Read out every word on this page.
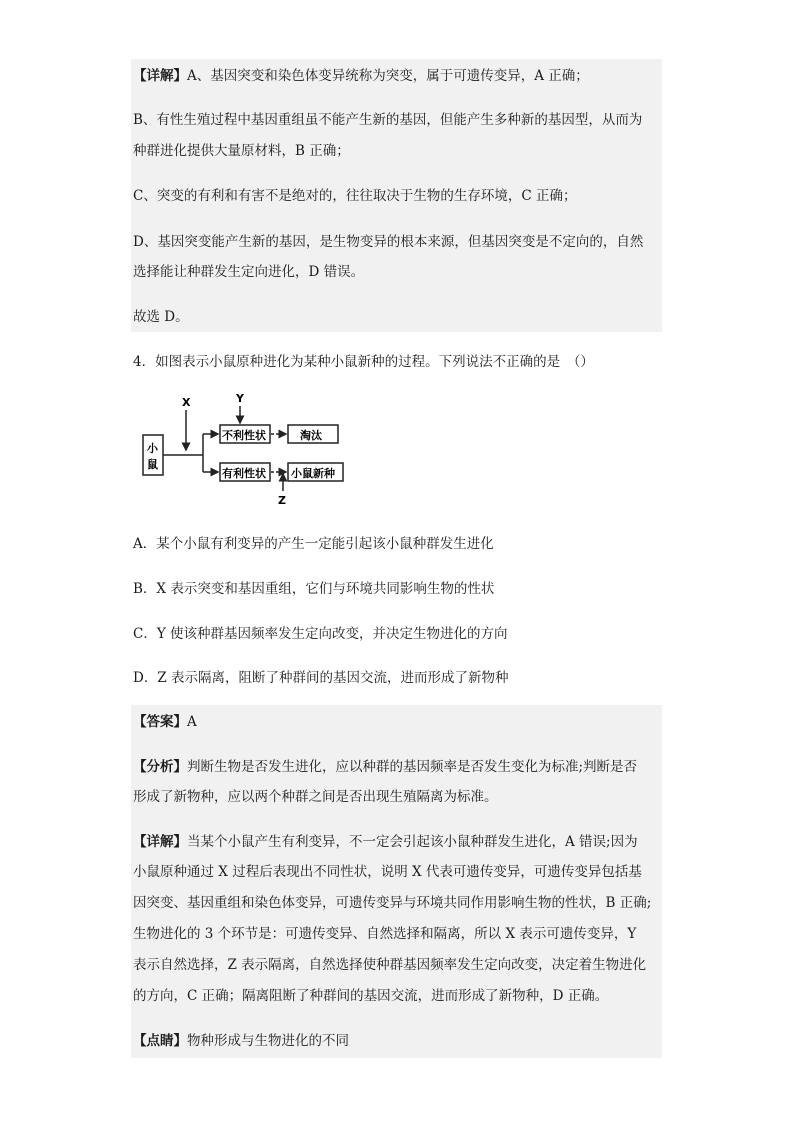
【详解】A、基因突变和染色体变异统称为突变，属于可遗传变异，A 正确；
B、有性生殖过程中基因重组虽不能产生新的基因，但能产生多种新的基因型，从而为
种群进化提供大量原材料，B 正确；
C、突变的有利和有害不是绝对的，往往取决于生物的生存环境，C 正确；
D、基因突变能产生新的基因，是生物变异的根本来源，但基因突变是不定向的，自然
选择能让种群发生定向进化，D 错误。
故选 D。
4．如图表示小鼠原种进化为某种小鼠新种的过程。下列说法不正确的是　（）
小
鼠
X
不利性状
Y
淘汰
有利性状 小鼠新种
Z
A．某个小鼠有利变异的产生一定能引起该小鼠种群发生进化
B．X 表示突变和基因重组，它们与环境共同影响生物的性状
C．Y 使该种群基因频率发生定向改变，并决定生物进化的方向
D．Z 表示隔离，阻断了种群间的基因交流，进而形成了新物种
【答案】A
【分析】判断生物是否发生进化，应以种群的基因频率是否发生变化为标准;判断是否
形成了新物种，应以两个种群之间是否出现生殖隔离为标准。
【详解】当某个小鼠产生有利变异，不一定会引起该小鼠种群发生进化，A 错误;因为
小鼠原种通过 X 过程后表现出不同性状，说明 X 代表可遗传变异，可遗传变异包括基
因突变、基因重组和染色体变异，可遗传变异与环境共同作用影响生物的性状，B 正确;
生物进化的 3 个环节是：可遗传变异、自然选择和隔离，所以 X 表示可遗传变异，Y
表示自然选择，Z 表示隔离，自然选择使种群基因频率发生定向改变，决定着生物进化
的方向，C 正确；隔离阻断了种群间的基因交流，进而形成了新物种，D 正确。
【点睛】物种形成与生物进化的不同
